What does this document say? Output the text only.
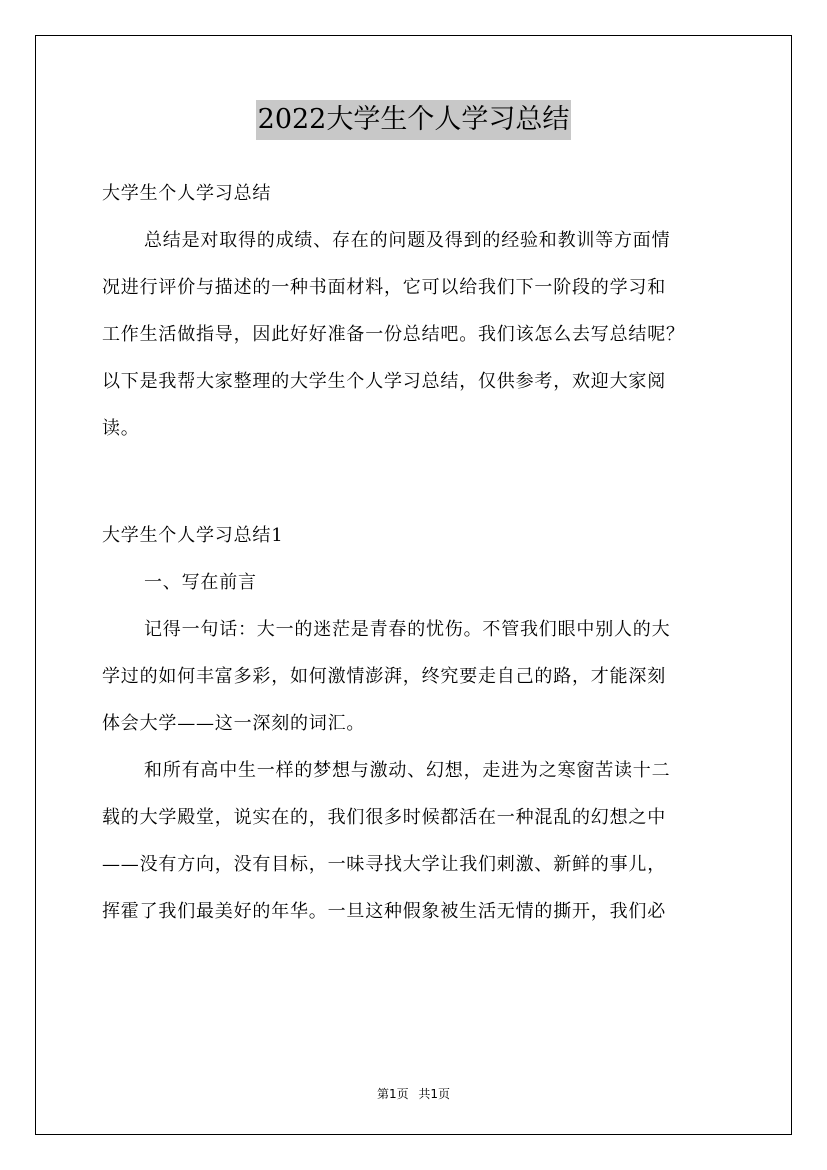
2022大学生个人学习总结
大学生个人学习总结
总结是对取得的成绩、存在的问题及得到的经验和教训等方面情
况进行评价与描述的一种书面材料，它可以给我们下一阶段的学习和
工作生活做指导，因此好好准备一份总结吧。我们该怎么去写总结呢？
以下是我帮大家整理的大学生个人学习总结，仅供参考，欢迎大家阅
读。
大学生个人学习总结1
一、写在前言
记得一句话：大一的迷茫是青春的忧伤。不管我们眼中别人的大
学过的如何丰富多彩，如何激情澎湃，终究要走自己的路，才能深刻
体会大学——这一深刻的词汇。
和所有高中生一样的梦想与激动、幻想，走进为之寒窗苦读十二
载的大学殿堂，说实在的，我们很多时候都活在一种混乱的幻想之中
——没有方向，没有目标，一味寻找大学让我们刺激、新鲜的事儿，
挥霍了我们最美好的年华。一旦这种假象被生活无情的撕开，我们必
第1页 共1页
